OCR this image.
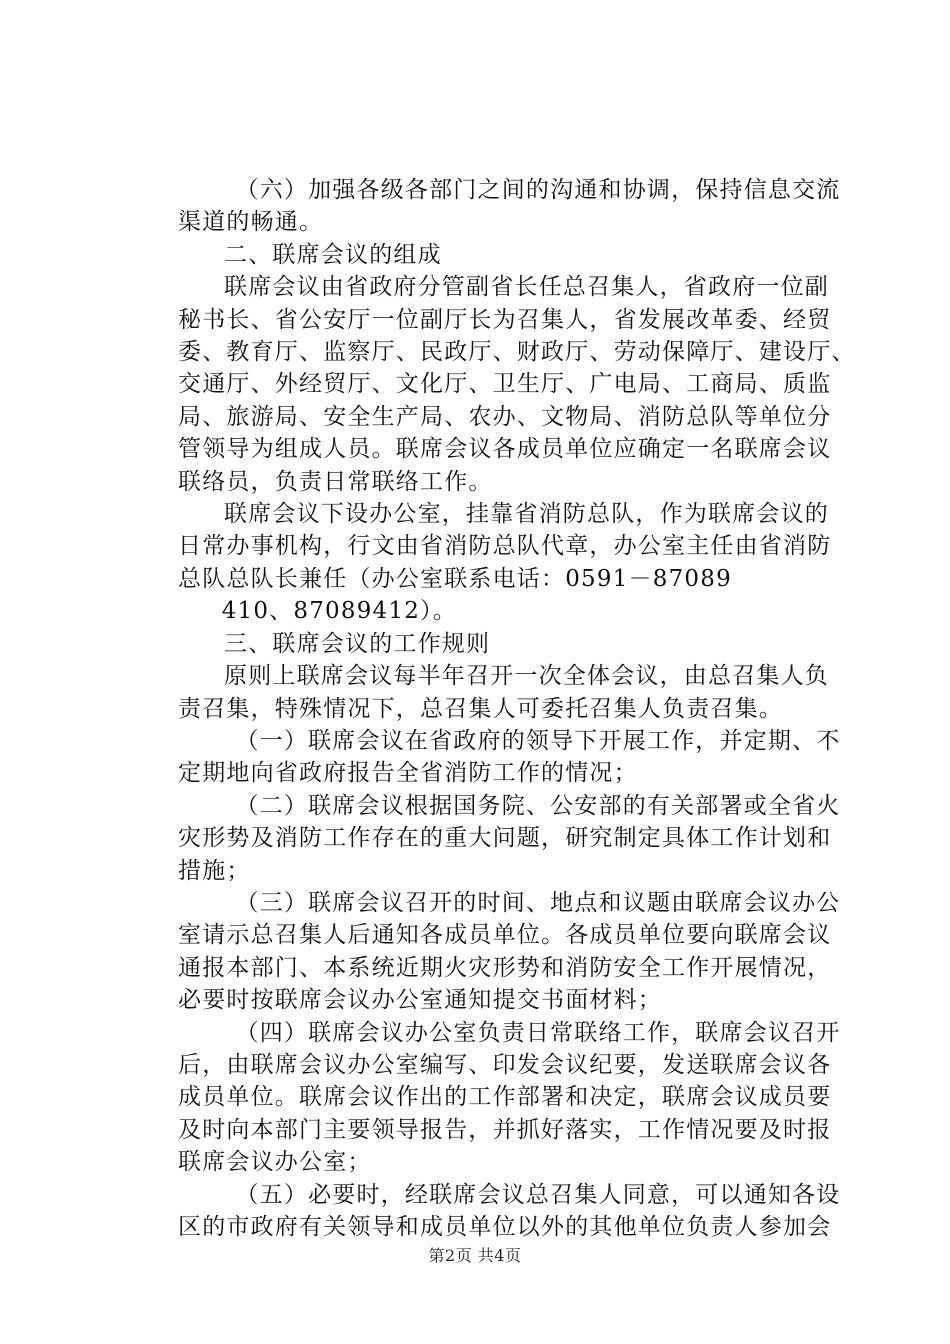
（六）加强各级各部门之间的沟通和协调，保持信息交流
渠道的畅通。

二、联席会议的组成

联席会议由省政府分管副省长任总召集人，省政府一位副
秘书长、省公安厅一位副厅长为召集人，省发展改革委、经贸
委、教育厅、监察厅、民政厅、财政厅、劳动保障厅、建设厅、
交通厅、外经贸厅、文化厅、卫生厅、广电局、工商局、质监
局、旅游局、安全生产局、农办、文物局、消防总队等单位分
管领导为组成人员。联席会议各成员单位应确定一名联席会议
联络员，负责日常联络工作。

联席会议下设办公室，挂靠省消防总队，作为联席会议的
日常办事机构，行文由省消防总队代章，办公室主任由省消防
总队总队长兼任（办公室联系电话：0591－87089
410、87089412）。

三、联席会议的工作规则

原则上联席会议每半年召开一次全体会议，由总召集人负
责召集，特殊情况下，总召集人可委托召集人负责召集。

（一）联席会议在省政府的领导下开展工作，并定期、不
定期地向省政府报告全省消防工作的情况；

（二）联席会议根据国务院、公安部的有关部署或全省火
灾形势及消防工作存在的重大问题，研究制定具体工作计划和
措施；

（三）联席会议召开的时间、地点和议题由联席会议办公
室请示总召集人后通知各成员单位。各成员单位要向联席会议
通报本部门、本系统近期火灾形势和消防安全工作开展情况，
必要时按联席会议办公室通知提交书面材料；

（四）联席会议办公室负责日常联络工作，联席会议召开
后，由联席会议办公室编写、印发会议纪要，发送联席会议各
成员单位。联席会议作出的工作部署和决定，联席会议成员要
及时向本部门主要领导报告，并抓好落实，工作情况要及时报
联席会议办公室；

（五）必要时，经联席会议总召集人同意，可以通知各设
区的市政府有关领导和成员单位以外的其他单位负责人参加会

第2页 共4页
